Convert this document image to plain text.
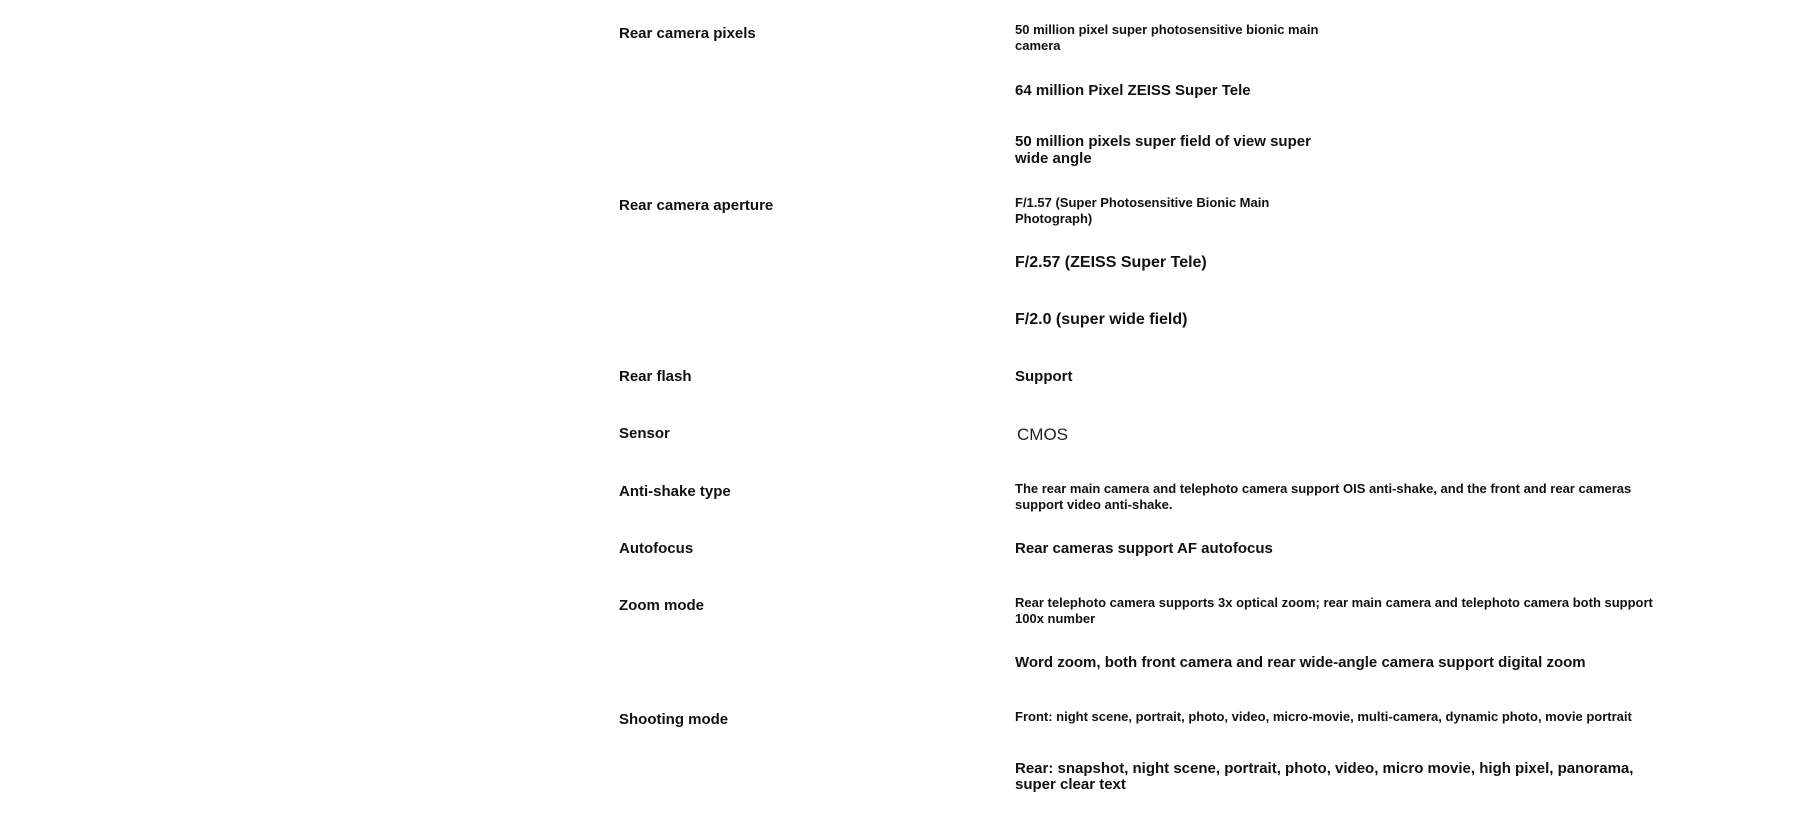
Rear camera pixels
Rear camera aperture
Rear flash
Sensor
Anti-shake type
Autofocus
Zoom mode
Shooting mode
50 million pixel super photosensitive bionic main camera
64 million Pixel ZEISS Super Tele
50 million pixels super field of view super wide angle
F/1.57 (Super Photosensitive Bionic Main Photograph)
F/2.57 (ZEISS Super Tele)
F/2.0 (super wide field)
Support
CMOS
The rear main camera and telephoto camera support OIS anti-shake, and the front and rear cameras support video anti-shake.
Rear cameras support AF autofocus
Rear telephoto camera supports 3x optical zoom; rear main camera and telephoto camera both support 100x number
Word zoom, both front camera and rear wide-angle camera support digital zoom
Front: night scene, portrait, photo, video, micro-movie, multi-camera, dynamic photo, movie portrait
Rear: snapshot, night scene, portrait, photo, video, micro movie, high pixel, panorama, super clear text
